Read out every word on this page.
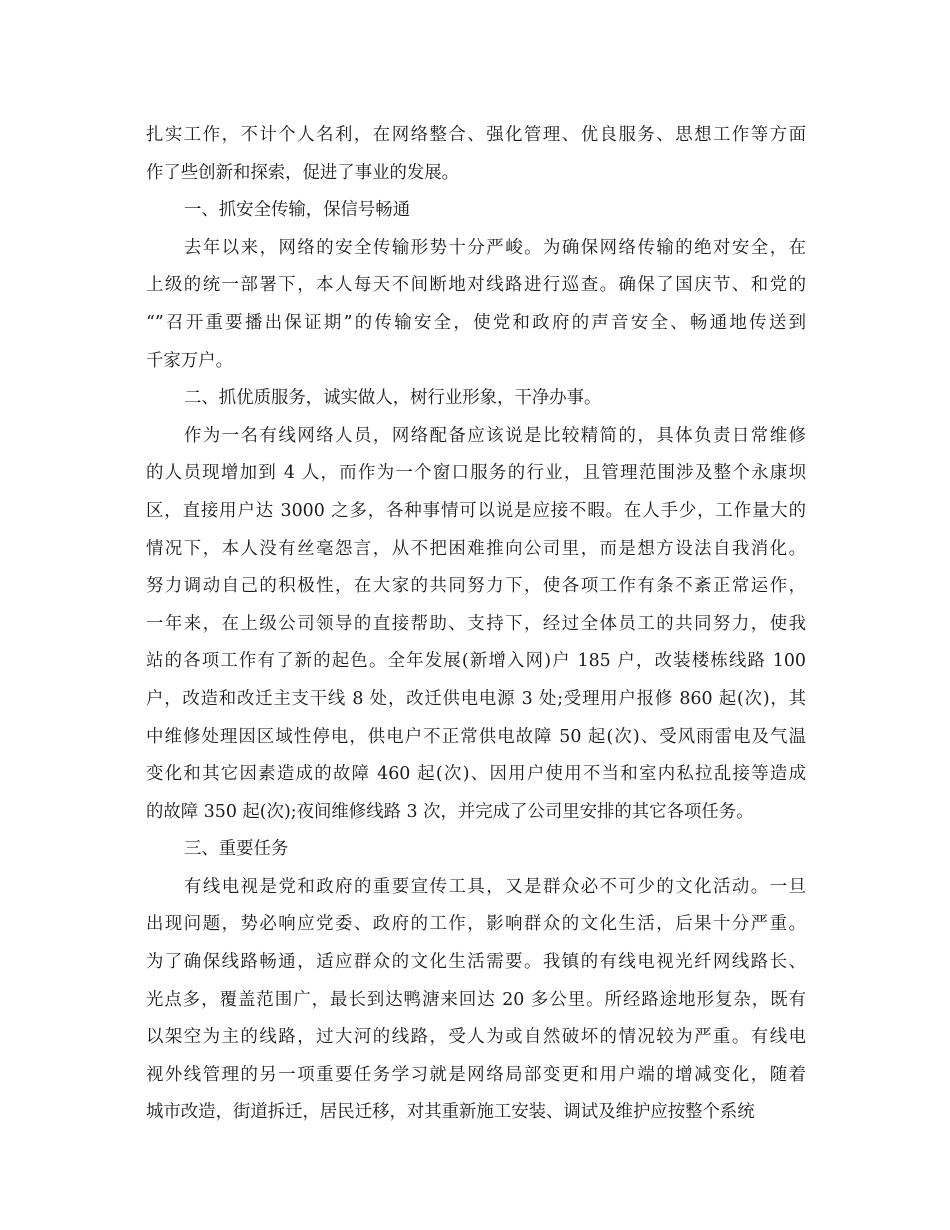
扎实工作，不计个人名利，在网络整合、强化管理、优良服务、思想工作等方面
作了些创新和探索，促进了事业的发展。
一、抓安全传输，保信号畅通
去年以来，网络的安全传输形势十分严峻。为确保网络传输的绝对安全，在
上级的统一部署下，本人每天不间断地对线路进行巡查。确保了国庆节、和党的
“”召开重要播出保证期”的传输安全，使党和政府的声音安全、畅通地传送到
千家万户。
二、抓优质服务，诚实做人，树行业形象，干净办事。
作为一名有线网络人员，网络配备应该说是比较精简的，具体负责日常维修
的人员现增加到 4 人，而作为一个窗口服务的行业，且管理范围涉及整个永康坝
区，直接用户达 3000 之多，各种事情可以说是应接不暇。在人手少，工作量大的
情况下，本人没有丝毫怨言，从不把困难推向公司里，而是想方设法自我消化。
努力调动自己的积极性，在大家的共同努力下，使各项工作有条不紊正常运作，
一年来，在上级公司领导的直接帮助、支持下，经过全体员工的共同努力，使我
站的各项工作有了新的起色。全年发展(新增入网)户 185 户，改装楼栋线路 100
户，改造和改迁主支干线 8 处，改迁供电电源 3 处;受理用户报修 860 起(次)，其
中维修处理因区域性停电，供电户不正常供电故障 50 起(次)、受风雨雷电及气温
变化和其它因素造成的故障 460 起(次)、因用户使用不当和室内私拉乱接等造成
的故障 350 起(次);夜间维修线路 3 次，并完成了公司里安排的其它各项任务。
三、重要任务
有线电视是党和政府的重要宣传工具，又是群众必不可少的文化活动。一旦
出现问题，势必响应党委、政府的工作，影响群众的文化生活，后果十分严重。
为了确保线路畅通，适应群众的文化生活需要。我镇的有线电视光纤网线路长、
光点多，覆盖范围广，最长到达鸭溏来回达 20 多公里。所经路途地形复杂，既有
以架空为主的线路，过大河的线路，受人为或自然破坏的情况较为严重。有线电
视外线管理的另一项重要任务学习就是网络局部变更和用户端的增减变化，随着
城市改造，街道拆迁，居民迁移，对其重新施工安装、调试及维护应按整个系统
